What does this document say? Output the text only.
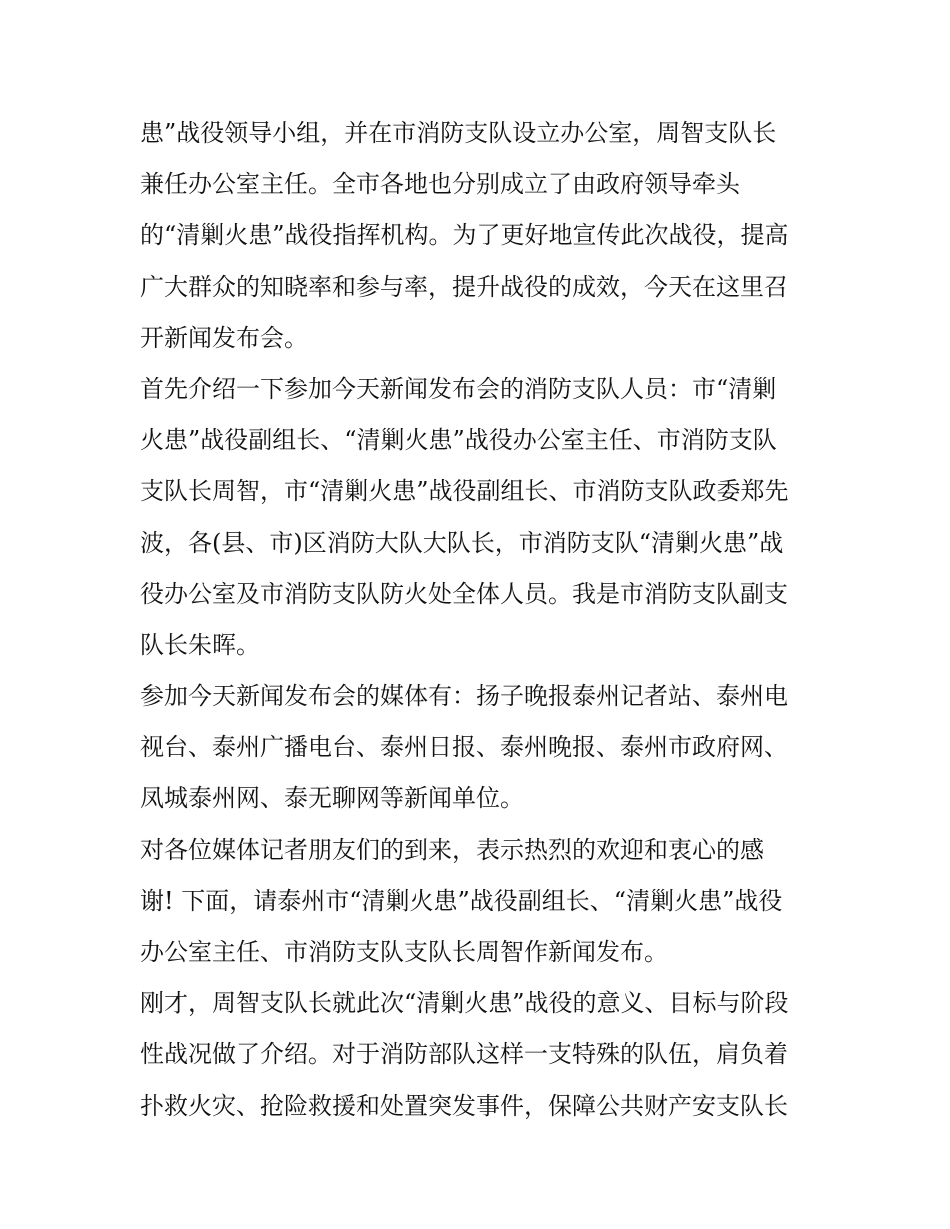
患”战役领导小组，并在市消防支队设立办公室，周智支队长
兼任办公室主任。全市各地也分别成立了由政府领导牵头
的“清剿火患”战役指挥机构。为了更好地宣传此次战役，提高
广大群众的知晓率和参与率，提升战役的成效，今天在这里召
开新闻发布会。
首先介绍一下参加今天新闻发布会的消防支队人员：市“清剿
火患”战役副组长、“清剿火患”战役办公室主任、市消防支队
支队长周智，市“清剿火患”战役副组长、市消防支队政委郑先
波，各(县、市)区消防大队大队长，市消防支队“清剿火患”战
役办公室及市消防支队防火处全体人员。我是市消防支队副支
队长朱晖。
参加今天新闻发布会的媒体有：扬子晚报泰州记者站、泰州电
视台、泰州广播电台、泰州日报、泰州晚报、泰州市政府网、
凤城泰州网、泰无聊网等新闻单位。
对各位媒体记者朋友们的到来，表示热烈的欢迎和衷心的感
谢! 下面，请泰州市“清剿火患”战役副组长、“清剿火患”战役
办公室主任、市消防支队支队长周智作新闻发布。
刚才，周智支队长就此次“清剿火患”战役的意义、目标与阶段
性战况做了介绍。对于消防部队这样一支特殊的队伍，肩负着
扑救火灾、抢险救援和处置突发事件，保障公共财产安支队长
